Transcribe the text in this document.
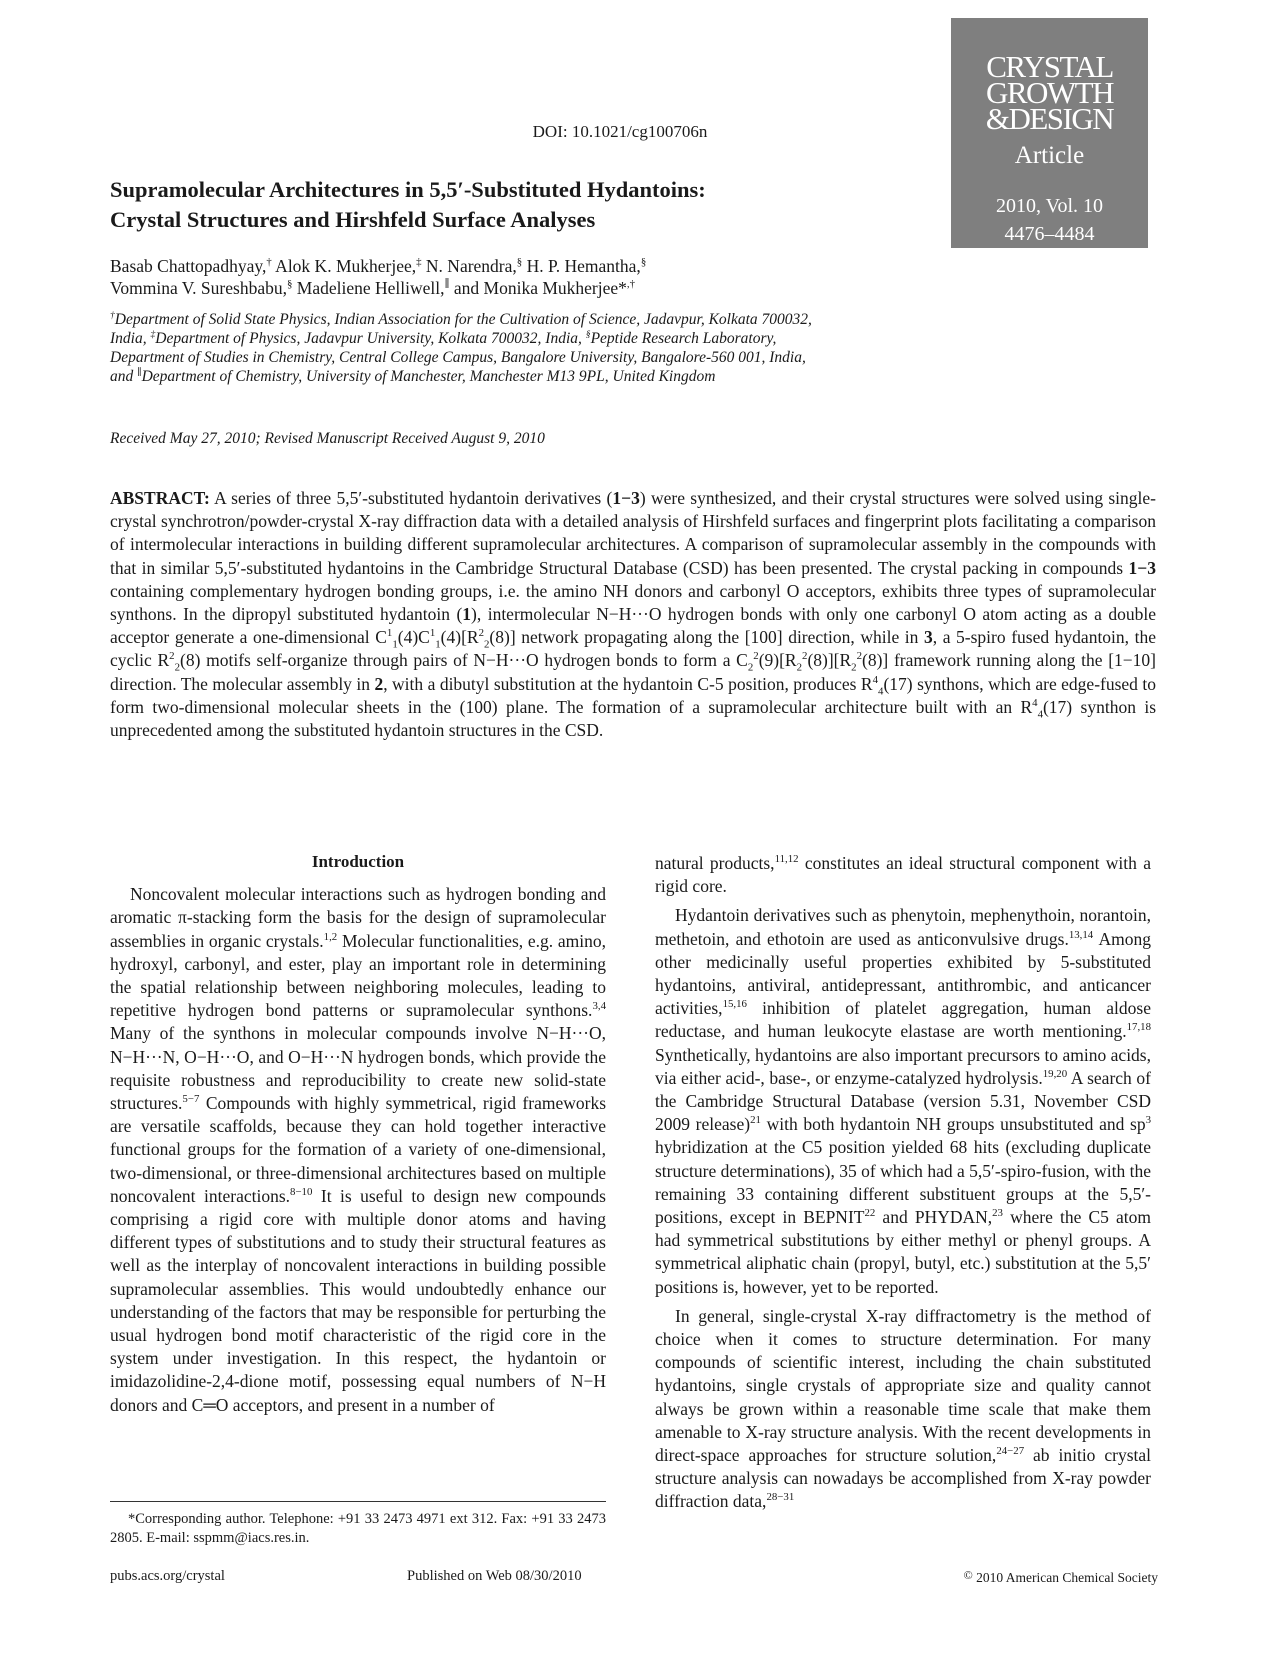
CRYSTAL
GROWTH
&DESIGN
Article
2010, Vol. 10
4476–4484
DOI: 10.1021/cg100706n
Supramolecular Architectures in 5,5′-Substituted Hydantoins:
Crystal Structures and Hirshfeld Surface Analyses
Basab Chattopadhyay,† Alok K. Mukherjee,‡ N. Narendra,§ H. P. Hemantha,§
Vommina V. Sureshbabu,§ Madeliene Helliwell,∥ and Monika Mukherjee*,†
†Department of Solid State Physics, Indian Association for the Cultivation of Science, Jadavpur, Kolkata 700032, India, ‡Department of Physics, Jadavpur University, Kolkata 700032, India, §Peptide Research Laboratory, Department of Studies in Chemistry, Central College Campus, Bangalore University, Bangalore-560 001, India, and ∥Department of Chemistry, University of Manchester, Manchester M13 9PL, United Kingdom
Received May 27, 2010; Revised Manuscript Received August 9, 2010
ABSTRACT: A series of three 5,5′-substituted hydantoin derivatives (1−3) were synthesized, and their crystal structures were solved using single-crystal synchrotron/powder-crystal X-ray diffraction data with a detailed analysis of Hirshfeld surfaces and fingerprint plots facilitating a comparison of intermolecular interactions in building different supramolecular architectures. A comparison of supramolecular assembly in the compounds with that in similar 5,5′-substituted hydantoins in the Cambridge Structural Database (CSD) has been presented. The crystal packing in compounds 1−3 containing complementary hydrogen bonding groups, i.e. the amino NH donors and carbonyl O acceptors, exhibits three types of supramolecular synthons. In the dipropyl substituted hydantoin (1), intermolecular N−H···O hydrogen bonds with only one carbonyl O atom acting as a double acceptor generate a one-dimensional $C^1_1(4)C^1_1(4)[R^2_2(8)]$ network propagating along the [100] direction, while in 3, a 5-spiro fused hydantoin, the cyclic $R^2_2(8)$ motifs self-organize through pairs of N−H···O hydrogen bonds to form a $C_2^2(9)[R_2^2(8)][R_2^2(8)]$ framework running along the [1−10] direction. The molecular assembly in 2, with a dibutyl substitution at the hydantoin C-5 position, produces $R^4_4(17)$ synthons, which are edge-fused to form two-dimensional molecular sheets in the (100) plane. The formation of a supramolecular architecture built with an $R^4_4(17)$ synthon is unprecedented among the substituted hydantoin structures in the CSD.
Introduction

Noncovalent molecular interactions such as hydrogen bonding and aromatic π-stacking form the basis for the design of supramolecular assemblies in organic crystals.$^{1,2}$ Molecular functionalities, e.g. amino, hydroxyl, carbonyl, and ester, play an important role in determining the spatial relationship between neighboring molecules, leading to repetitive hydrogen bond patterns or supramolecular synthons.$^{3,4}$ Many of the synthons in molecular compounds involve N−H···O, N−H···N, O−H···O, and O−H···N hydrogen bonds, which provide the requisite robustness and reproducibility to create new solid-state structures.$^{5-7}$ Compounds with highly symmetrical, rigid frameworks are versatile scaffolds, because they can hold together interactive functional groups for the formation of a variety of one-dimensional, two-dimensional, or three-dimensional architectures based on multiple noncovalent interactions.$^{8-10}$ It is useful to design new compounds comprising a rigid core with multiple donor atoms and having different types of substitutions and to study their structural features as well as the interplay of noncovalent interactions in building possible supramolecular assemblies. This would undoubtedly enhance our understanding of the factors that may be responsible for perturbing the usual hydrogen bond motif characteristic of the rigid core in the system under investigation. In this respect, the hydantoin or imidazolidine-2,4-dione motif, possessing equal numbers of N−H donors and C═O acceptors, and present in a number of

natural products,$^{11,12}$ constitutes an ideal structural component with a rigid core.

Hydantoin derivatives such as phenytoin, mephenythoin, norantoin, methetoin, and ethotoin are used as anticonvulsive drugs.$^{13,14}$ Among other medicinally useful properties exhibited by 5-substituted hydantoins, antiviral, antidepressant, antithrombic, and anticancer activities,$^{15,16}$ inhibition of platelet aggregation, human aldose reductase, and human leukocyte elastase are worth mentioning.$^{17,18}$ Synthetically, hydantoins are also important precursors to amino acids, via either acid-, base-, or enzyme-catalyzed hydrolysis.$^{19,20}$ A search of the Cambridge Structural Database (version 5.31, November CSD 2009 release)$^{21}$ with both hydantoin NH groups unsubstituted and $sp^3$ hybridization at the C5 position yielded 68 hits (excluding duplicate structure determinations), 35 of which had a 5,5′-spiro-fusion, with the remaining 33 containing different substituent groups at the 5,5′-positions, except in BEPNIT$^{22}$ and PHYDAN,$^{23}$ where the C5 atom had symmetrical substitutions by either methyl or phenyl groups. A symmetrical aliphatic chain (propyl, butyl, etc.) substitution at the 5,5′ positions is, however, yet to be reported.

In general, single-crystal X-ray diffractometry is the method of choice when it comes to structure determination. For many compounds of scientific interest, including the chain substituted hydantoins, single crystals of appropriate size and quality cannot always be grown within a reasonable time scale that make them amenable to X-ray structure analysis. With the recent developments in direct-space approaches for structure solution,$^{24-27}$ ab initio crystal structure analysis can nowadays be accomplished from X-ray powder diffraction data,$^{28-31}$

*Corresponding author. Telephone: +91 33 2473 4971 ext 312. Fax: +91 33 2473 2805. E-mail: sspmm@iacs.res.in.
pubs.acs.org/crystal	Published on Web 08/30/2010	© 2010 American Chemical Society
